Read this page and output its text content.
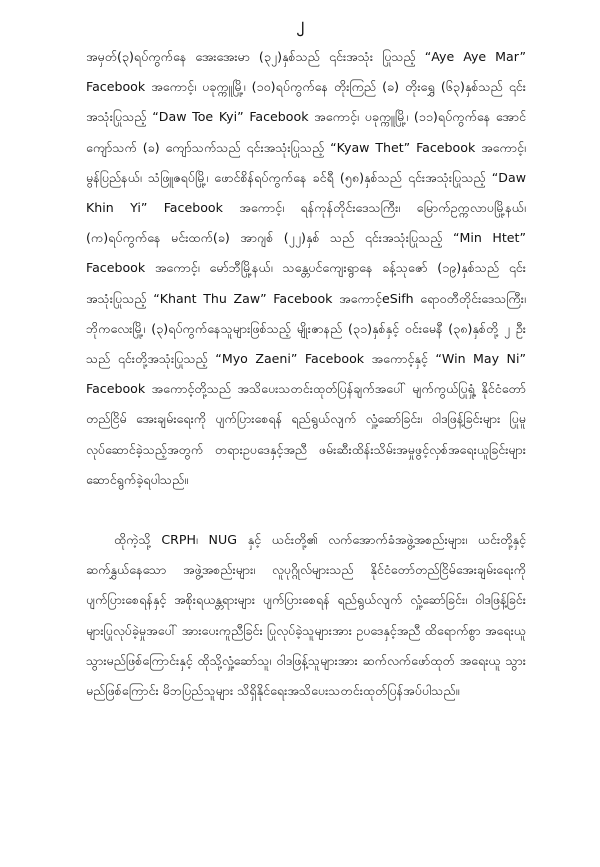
၂

အမှတ်(၃)ရပ်ကွက်နေ အေးအေးမာ (၃၂)နှစ်သည် ၎င်းအသုံး ပြုသည့် “Aye Aye Mar” Facebook အကောင့်၊ ပခုက္ကူမြို့၊ (၁၀)ရပ်ကွက်နေ တိုးကြည် (ခ) တိုးရွှေ (၆၃)နှစ်သည် ၎င်းအသုံးပြုသည့် “Daw Toe Kyi” Facebook အကောင့်၊ ပခုက္ကူမြို့၊ (၁၁)ရပ်ကွက်နေ အောင်ကျော်သက် (ခ) ကျော်သက်သည် ၎င်းအသုံးပြုသည့် “Kyaw Thet” Facebook အကောင့်၊ မွန်ပြည်နယ်၊ သံဖြူဇရပ်မြို့၊ ဖောင်စိန်ရပ်ကွက်နေ ခင်ရီ (၅၈)နှစ်သည် ၎င်းအသုံးပြုသည့် “Daw Khin Yi” Facebook အကောင့်၊ ရန်ကုန်တိုင်းဒေသကြီး၊ မြောက်ဥက္ကလာပမြို့နယ်၊ (က)ရပ်ကွက်နေ မင်းထက်(ခ) အာဂျစ် (၂၂)နှစ် သည် ၎င်းအသုံးပြုသည့် “Min Htet” Facebook အကောင့်၊ မော်ဘီမြို့နယ်၊ သန္တေပင်ကျေးရွာနေ ခန့်သုဇော် (၁၉)နှစ်သည် ၎င်းအသုံးပြုသည့် “Khant Thu Zaw” Facebook အကောင့်eSifh ရောဝတီတိုင်းဒေသကြီး၊ ဘိုကလေးမြို့၊ (၃)ရပ်ကွက်နေသူများဖြစ်သည့် မျိုးဇာနည် (၃၁)နှစ်နှင့် ဝင်းမေနီ (၃၈)နှစ်တို့ ၂ ဦးသည် ၎င်းတို့အသုံးပြုသည့် “Myo Zaeni” Facebook အကောင့်နှင့် “Win May Ni” Facebook အကောင့်တို့သည် အသိပေးသတင်းထုတ်ပြန်ချက်အပေါ် မျက်ကွယ်ပြုရှုံ့ နိုင်ငံတော်တည်ငြိမ် အေးချမ်းရေးကို ပျက်ပြားစေရန် ရည်ရွယ်လျက် လှုံ့ဆော်ခြင်း၊ ဝါဒဖြန့်ခြင်းများ ပြုမူလုပ်ဆောင်ခဲ့သည့်အတွက် တရားဥပဒေနှင့်အညီ ဖမ်းဆီးထိန်းသိမ်းအမှုဖွင့်လှစ်အရေးယူခြင်းများ ဆောင်ရွက်ခဲ့ရပါသည်။

ထိုကဲ့သို့ CRPH၊ NUG နှင့် ယင်းတို့၏ လက်အောက်ခံအဖွဲ့အစည်းများ၊ ယင်းတို့နှင့် ဆက်နွှယ်နေသော အဖွဲ့အစည်းများ၊ လူပုဂ္ဂိုလ်များသည် နိုင်ငံတော်တည်ငြိမ်အေးချမ်းရေးကို ပျက်ပြားစေရန်နှင့် အစိုးရယန္တရားများ ပျက်ပြားစေရန် ရည်ရွယ်လျက် လှုံ့ဆော်ခြင်း၊ ဝါဒဖြန့်ခြင်း များပြုလုပ်ခဲ့မှုအပေါ် အားပေးကူညီခြင်း ပြုလုပ်ခဲ့သူများအား ဥပဒေနှင့်အညီ ထိရောက်စွာ အရေးယူသွားမည်ဖြစ်ကြောင်းနှင့် ထိုသို့လှုံ့ဆော်သူ၊ ဝါဒဖြန့်သူများအား ဆက်လက်ဖော်ထုတ် အရေးယူ သွားမည်ဖြစ်ကြောင်း မိဘပြည်သူများ သိရှိနိုင်ရေးအသိပေးသတင်းထုတ်ပြန်အပ်ပါသည်။
